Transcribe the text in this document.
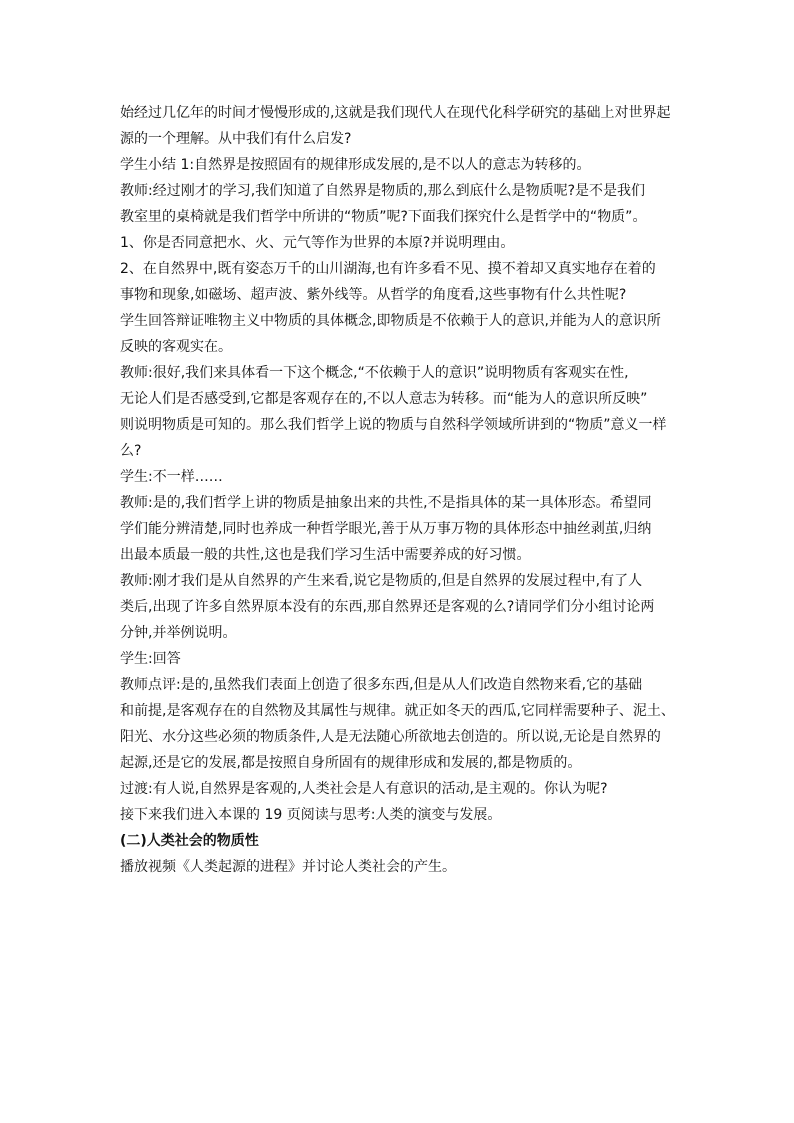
始经过几亿年的时间才慢慢形成的,这就是我们现代人在现代化科学研究的基础上对世界起
源的一个理解。从中我们有什么启发?
学生小结 1:自然界是按照固有的规律形成发展的,是不以人的意志为转移的。
教师:经过刚才的学习,我们知道了自然界是物质的,那么到底什么是物质呢?是不是我们
教室里的桌椅就是我们哲学中所讲的“物质”呢?下面我们探究什么是哲学中的“物质”。
1、你是否同意把水、火、元气等作为世界的本原?并说明理由。
2、在自然界中,既有姿态万千的山川湖海,也有许多看不见、摸不着却又真实地存在着的
事物和现象,如磁场、超声波、紫外线等。从哲学的角度看,这些事物有什么共性呢?
学生回答辩证唯物主义中物质的具体概念,即物质是不依赖于人的意识,并能为人的意识所
反映的客观实在。
教师:很好,我们来具体看一下这个概念,“不依赖于人的意识”说明物质有客观实在性,
无论人们是否感受到,它都是客观存在的,不以人意志为转移。而“能为人的意识所反映”
则说明物质是可知的。那么我们哲学上说的物质与自然科学领域所讲到的“物质”意义一样
么?
学生:不一样……
教师:是的,我们哲学上讲的物质是抽象出来的共性,不是指具体的某一具体形态。希望同
学们能分辨清楚,同时也养成一种哲学眼光,善于从万事万物的具体形态中抽丝剥茧,归纳
出最本质最一般的共性,这也是我们学习生活中需要养成的好习惯。
教师:刚才我们是从自然界的产生来看,说它是物质的,但是自然界的发展过程中,有了人
类后,出现了许多自然界原本没有的东西,那自然界还是客观的么?请同学们分小组讨论两
分钟,并举例说明。
学生:回答
教师点评:是的,虽然我们表面上创造了很多东西,但是从人们改造自然物来看,它的基础
和前提,是客观存在的自然物及其属性与规律。就正如冬天的西瓜,它同样需要种子、泥土、
阳光、水分这些必须的物质条件,人是无法随心所欲地去创造的。所以说,无论是自然界的
起源,还是它的发展,都是按照自身所固有的规律形成和发展的,都是物质的。
过渡:有人说,自然界是客观的,人类社会是人有意识的活动,是主观的。你认为呢?
接下来我们进入本课的 19 页阅读与思考:人类的演变与发展。
(二)人类社会的物质性
播放视频《人类起源的进程》并讨论人类社会的产生。
